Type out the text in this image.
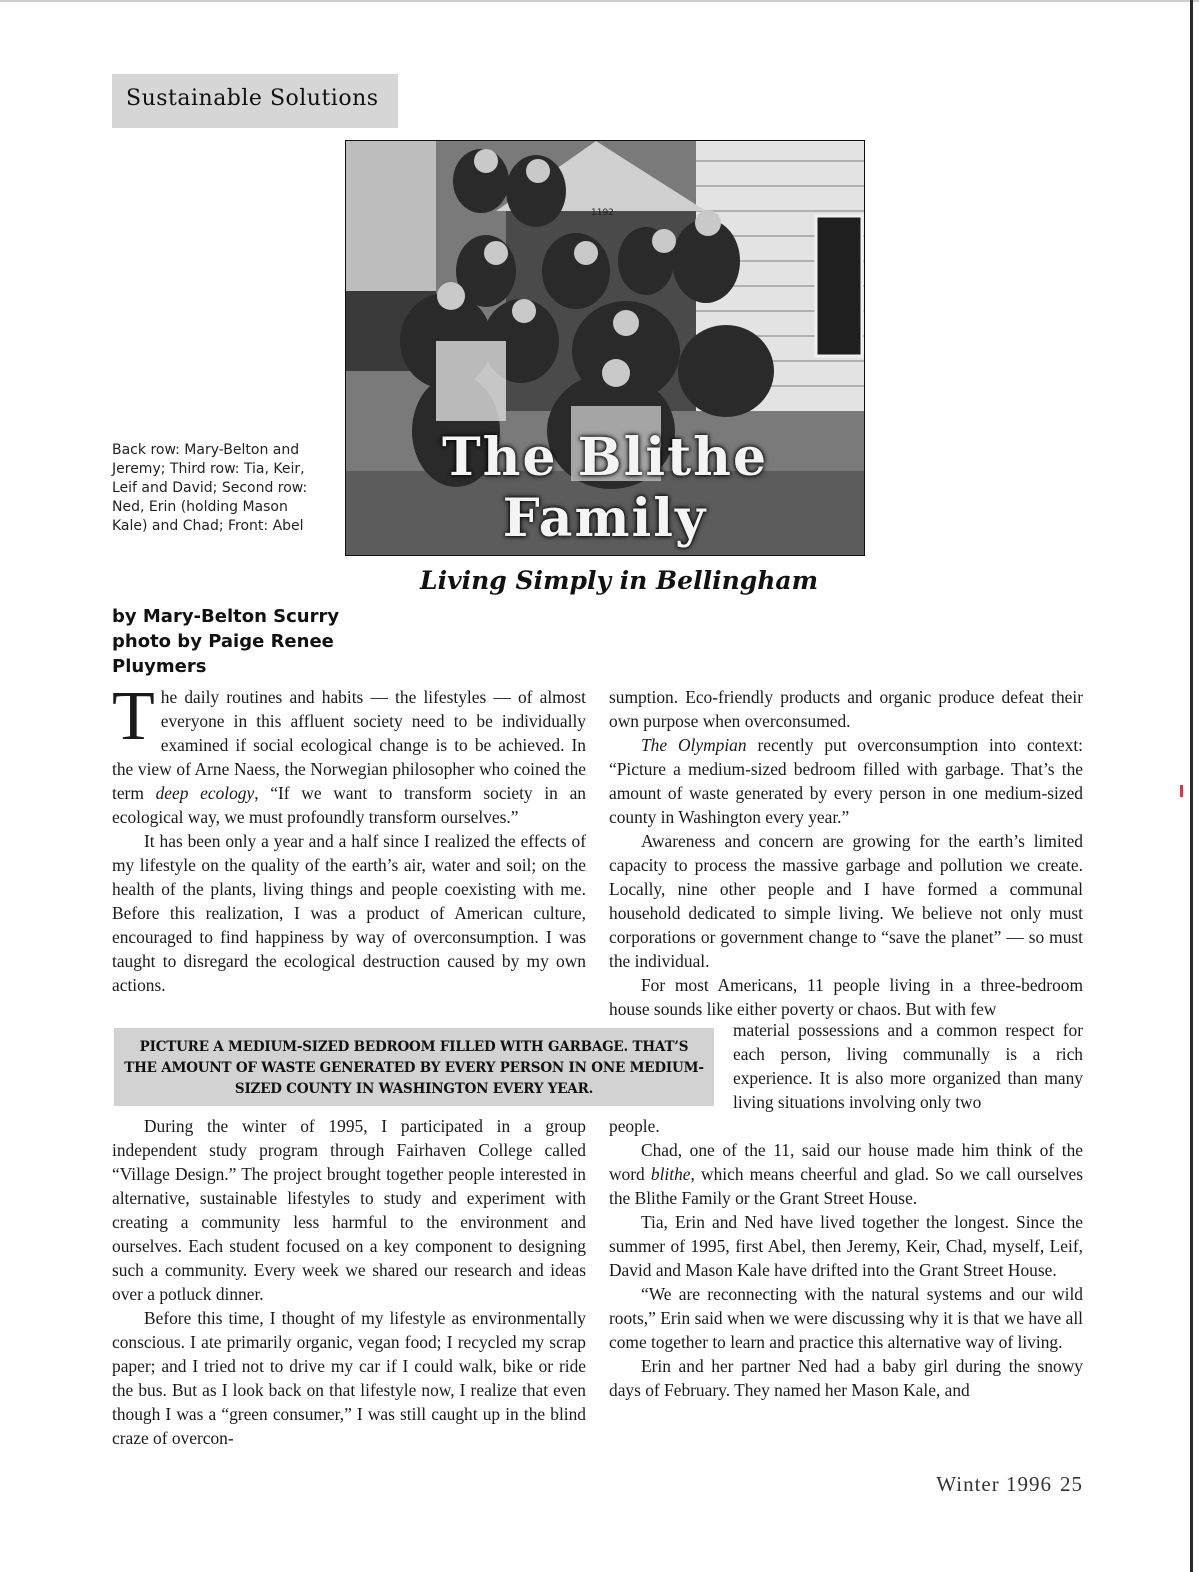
Sustainable Solutions
1192
The Blithe Family
Back row: Mary-Belton and Jeremy; Third row: Tia, Keir, Leif and David; Second row: Ned, Erin (holding Mason Kale) and Chad; Front: Abel
Living Simply in Bellingham
by Mary-Belton Scurry
photo by Paige Renee Pluymers

The daily routines and habits — the lifestyles — of almost everyone in this affluent society need to be individually examined if social ecological change is to be achieved. In the view of Arne Naess, the Norwegian philosopher who coined the term deep ecology, “If we want to transform society in an ecological way, we must profoundly transform ourselves.”

It has been only a year and a half since I realized the effects of my lifestyle on the quality of the earth’s air, water and soil; on the health of the plants, living things and people coexisting with me. Before this realization, I was a product of American culture, encouraged to find happiness by way of overconsumption. I was taught to disregard the ecological destruction caused by my own actions.

PICTURE A MEDIUM-SIZED BEDROOM FILLED WITH GARBAGE. THAT’S THE AMOUNT OF WASTE GENERATED BY EVERY PERSON IN ONE MEDIUM-SIZED COUNTY IN WASHINGTON EVERY YEAR.

During the winter of 1995, I participated in a group independent study program through Fairhaven College called “Village Design.” The project brought together people interested in alternative, sustainable lifestyles to study and experiment with creating a community less harmful to the environment and ourselves. Each student focused on a key component to designing such a community. Every week we shared our research and ideas over a potluck dinner.

Before this time, I thought of my lifestyle as environmentally conscious. I ate primarily organic, vegan food; I recycled my scrap paper; and I tried not to drive my car if I could walk, bike or ride the bus. But as I look back on that lifestyle now, I realize that even though I was a “green consumer,” I was still caught up in the blind craze of overcon-

sumption. Eco-friendly products and organic produce defeat their own purpose when overconsumed.

The Olympian recently put overconsumption into context: “Picture a medium-sized bedroom filled with garbage. That’s the amount of waste generated by every person in one medium-sized county in Washington every year.”

Awareness and concern are growing for the earth’s limited capacity to process the massive garbage and pollution we create. Locally, nine other people and I have formed a communal household dedicated to simple living. We believe not only must corporations or government change to “save the planet” — so must the individual.

For most Americans, 11 people living in a three-bedroom house sounds like either poverty or chaos. But with few

material possessions and a common respect for each person, living communally is a rich experience. It is also more organized than many living situations involving only two

people.

Chad, one of the 11, said our house made him think of the word blithe, which means cheerful and glad. So we call ourselves the Blithe Family or the Grant Street House.

Tia, Erin and Ned have lived together the longest. Since the summer of 1995, first Abel, then Jeremy, Keir, Chad, myself, Leif, David and Mason Kale have drifted into the Grant Street House.

“We are reconnecting with the natural systems and our wild roots,” Erin said when we were discussing why it is that we have all come together to learn and practice this alternative way of living.

Erin and her partner Ned had a baby girl during the snowy days of February. They named her Mason Kale, and

Winter 1996 25
